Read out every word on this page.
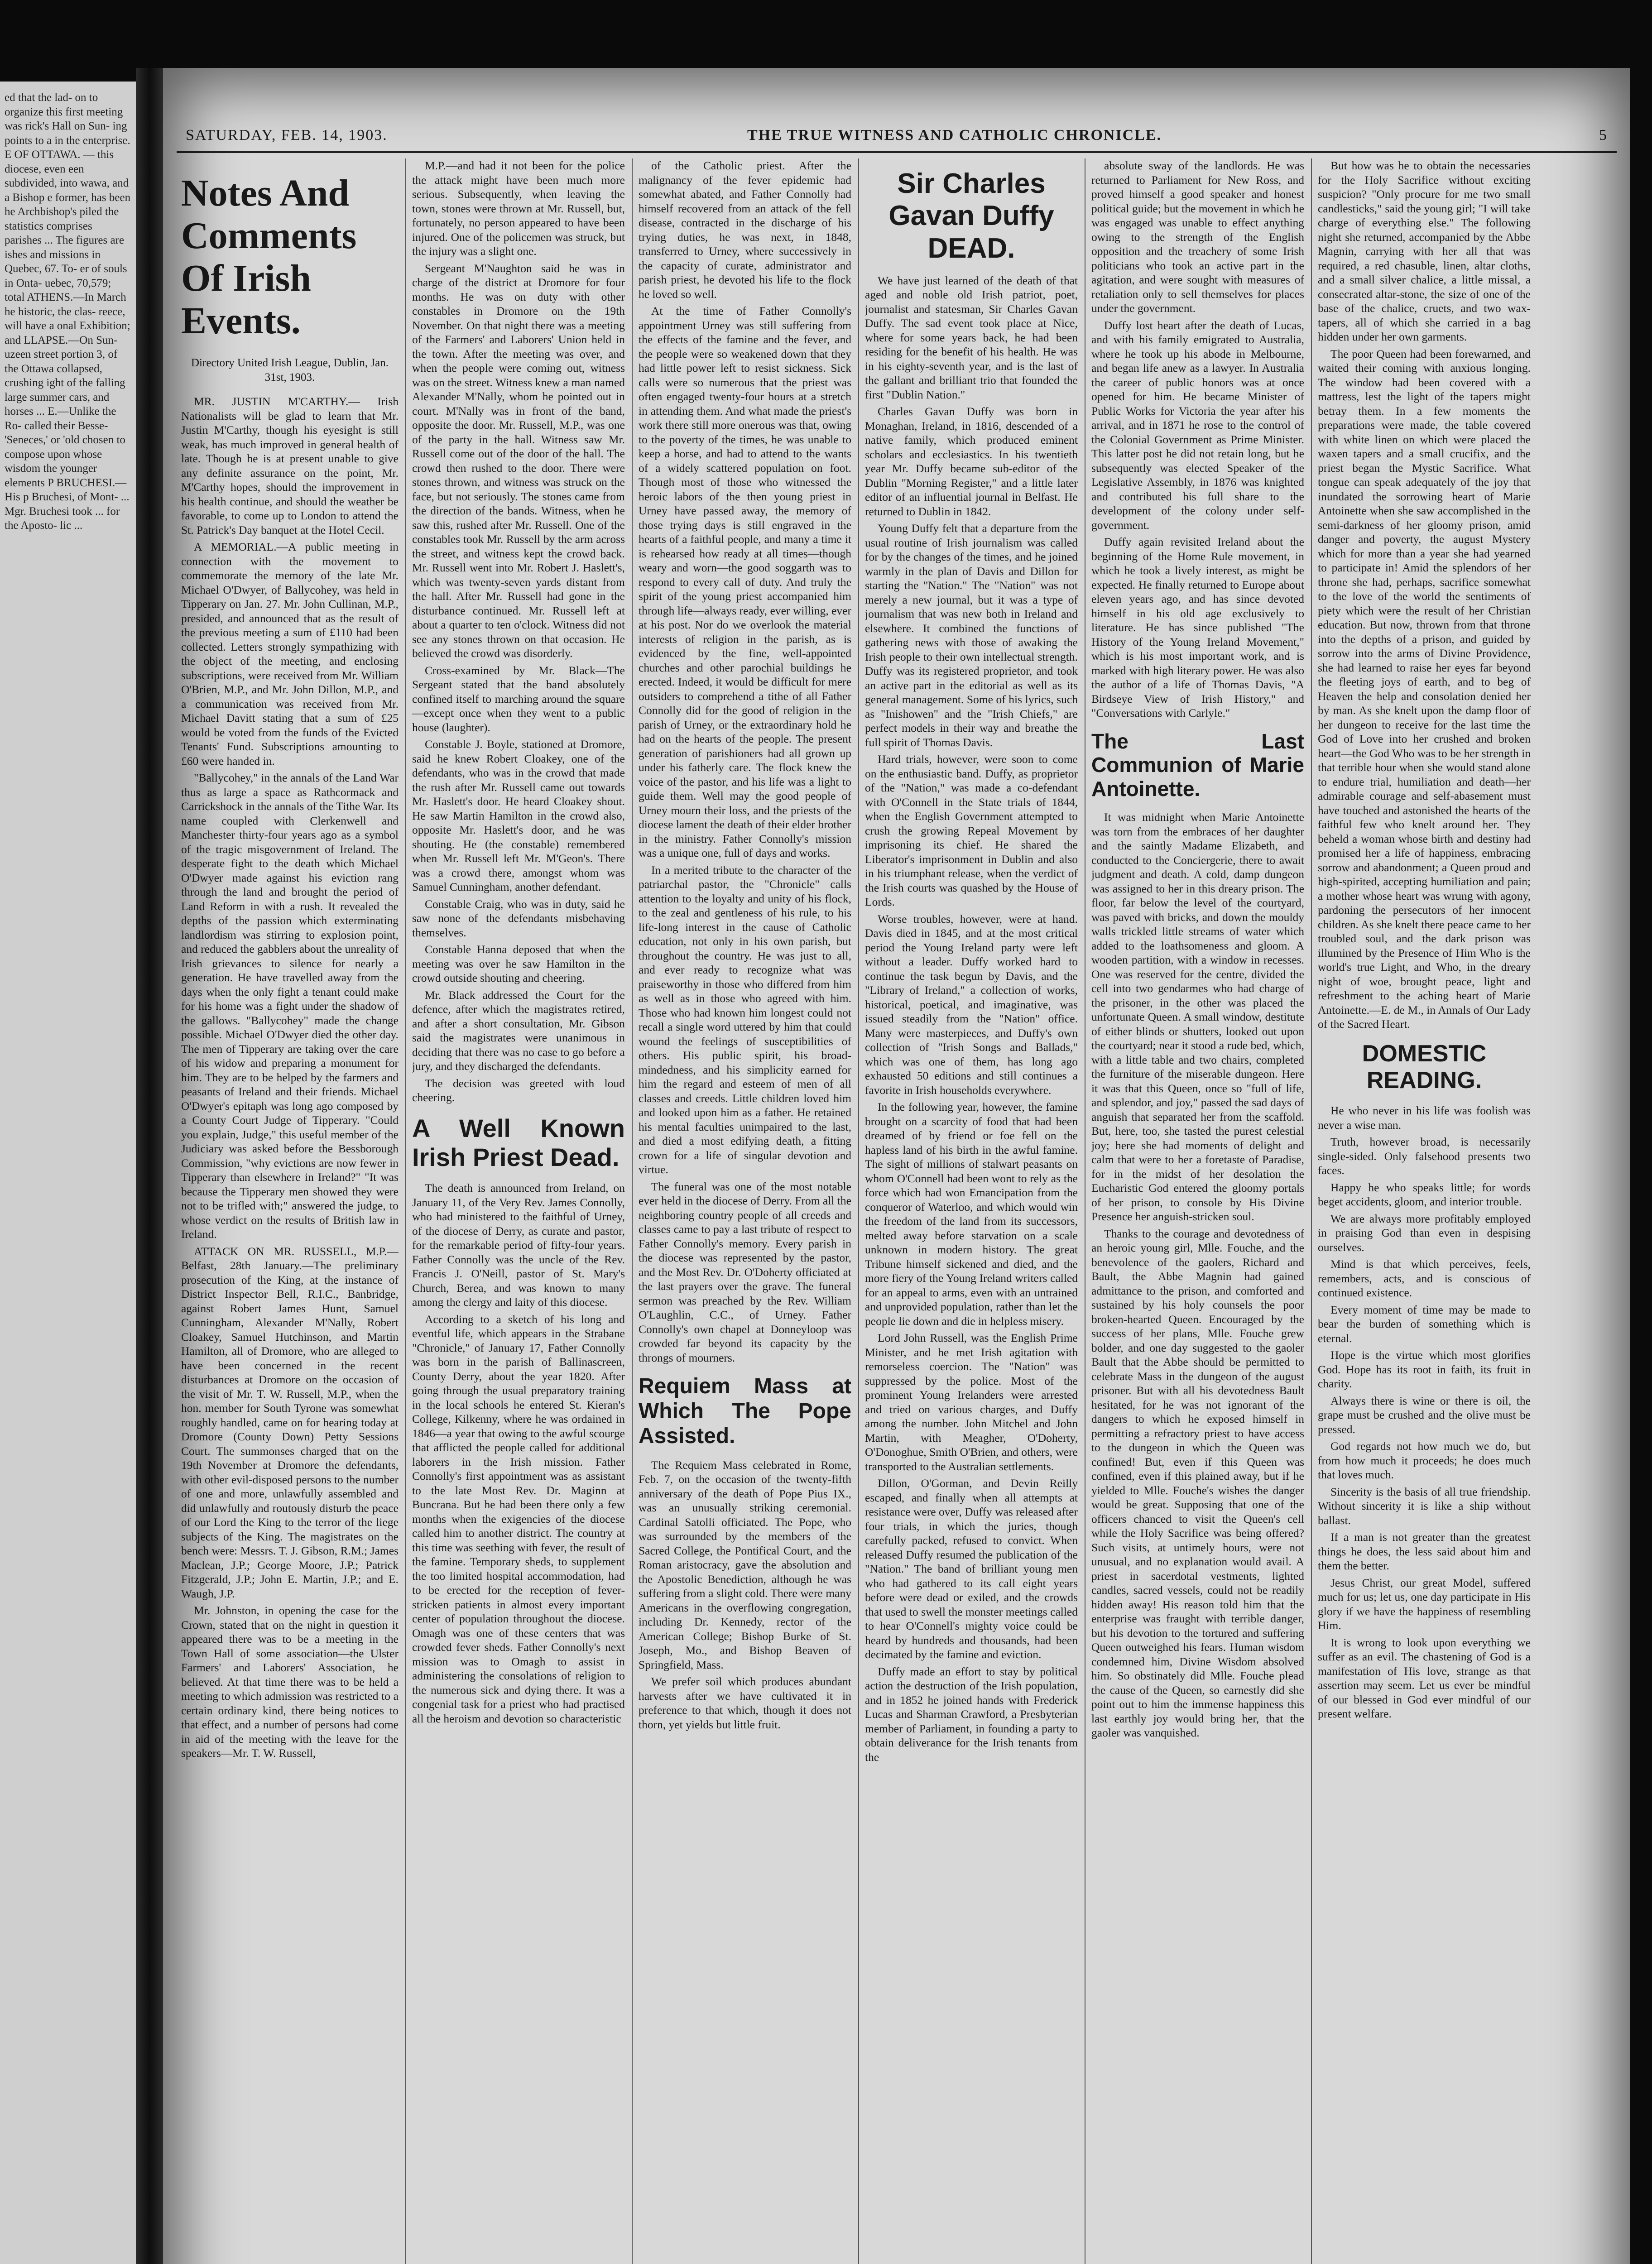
ed that the lad- on to organize this first meeting was rick's Hall on Sun- ing points to a in the enterprise. E OF OTTAWA. — this diocese, even een subdivided, into wawa, and a Bishop e former, has been he Archbishop's piled the statistics comprises parishes ... The figures are ishes and missions in Quebec, 67. To- er of souls in Onta- uebec, 70,579; total ATHENS.—In March he historic, the clas- reece, will have a onal Exhibition; and LLAPSE.—On Sun- uzeen street portion 3, of the Ottawa collapsed, crushing ight of the falling large summer cars, and horses ... E.—Unlike the Ro- called their Besse- 'Seneces,' or 'old chosen to compose upon whose wisdom the younger elements P BRUCHESI.— His p Bruchesi, of Mont- ... Mgr. Bruchesi took ... for the Aposto- lic ...
SATURDAY, FEB. 14, 1903.	THE TRUE WITNESS AND CATHOLIC CHRONICLE.	5
Notes And Comments Of Irish Events.
Directory United Irish League, Dublin, Jan. 31st, 1903.

MR. JUSTIN M'CARTHY.— Irish Nationalists will be glad to learn that Mr. Justin M'Carthy, though his eyesight is still weak, has much improved in general health of late. Though he is at present unable to give any definite assurance on the point, Mr. M'Carthy hopes, should the improvement in his health continue, and should the weather be favorable, to come up to London to attend the St. Patrick's Day banquet at the Hotel Cecil.

A MEMORIAL.—A public meeting in connection with the movement to commemorate the memory of the late Mr. Michael O'Dwyer, of Ballycohey, was held in Tipperary on Jan. 27. Mr. John Cullinan, M.P., presided, and announced that as the result of the previous meeting a sum of £110 had been collected. Letters strongly sympathizing with the object of the meeting, and enclosing subscriptions, were received from Mr. William O'Brien, M.P., and Mr. John Dillon, M.P., and a communication was received from Mr. Michael Davitt stating that a sum of £25 would be voted from the funds of the Evicted Tenants' Fund. Subscriptions amounting to £60 were handed in.

"Ballycohey," in the annals of the Land War thus as large a space as Rathcormack and Carrickshock in the annals of the Tithe War. Its name coupled with Clerkenwell and Manchester thirty-four years ago as a symbol of the tragic misgovernment of Ireland. The desperate fight to the death which Michael O'Dwyer made against his eviction rang through the land and brought the period of Land Reform in with a rush. It revealed the depths of the passion which exterminating landlordism was stirring to explosion point, and reduced the gabblers about the unreality of Irish grievances to silence for nearly a generation. He have travelled away from the days when the only fight a tenant could make for his home was a fight under the shadow of the gallows. "Ballycohey" made the change possible. Michael O'Dwyer died the other day. The men of Tipperary are taking over the care of his widow and preparing a monument for him. They are to be helped by the farmers and peasants of Ireland and their friends. Michael O'Dwyer's epitaph was long ago composed by a County Court Judge of Tipperary. "Could you explain, Judge," this useful member of the Judiciary was asked before the Bessborough Commission, "why evictions are now fewer in Tipperary than elsewhere in Ireland?" "It was because the Tipperary men showed they were not to be trifled with;" answered the judge, to whose verdict on the results of British law in Ireland.

ATTACK ON MR. RUSSELL, M.P.—Belfast, 28th January.—The preliminary prosecution of the King, at the instance of District Inspector Bell, R.I.C., Banbridge, against Robert James Hunt, Samuel Cunningham, Alexander M'Nally, Robert Cloakey, Samuel Hutchinson, and Martin Hamilton, all of Dromore, who are alleged to have been concerned in the recent disturbances at Dromore on the occasion of the visit of Mr. T. W. Russell, M.P., when the hon. member for South Tyrone was somewhat roughly handled, came on for hearing today at Dromore (County Down) Petty Sessions Court. The summonses charged that on the 19th November at Dromore the defendants, with other evil-disposed persons to the number of one and more, unlawfully assembled and did unlawfully and routously disturb the peace of our Lord the King to the terror of the liege subjects of the King. The magistrates on the bench were: Messrs. T. J. Gibson, R.M.; James Maclean, J.P.; George Moore, J.P.; Patrick Fitzgerald, J.P.; John E. Martin, J.P.; and E. Waugh, J.P.

Mr. Johnston, in opening the case for the Crown, stated that on the night in question it appeared there was to be a meeting in the Town Hall of some association—the Ulster Farmers' and Laborers' Association, he believed. At that time there was to be held a meeting to which admission was restricted to a certain ordinary kind, there being notices to that effect, and a number of persons had come in aid of the meeting with the leave for the speakers—Mr. T. W. Russell,

M.P.—and had it not been for the police the attack might have been much more serious. Subsequently, when leaving the town, stones were thrown at Mr. Russell, but, fortunately, no person appeared to have been injured. One of the policemen was struck, but the injury was a slight one.

Sergeant M'Naughton said he was in charge of the district at Dromore for four months. He was on duty with other constables in Dromore on the 19th November. On that night there was a meeting of the Farmers' and Laborers' Union held in the town. After the meeting was over, and when the people were coming out, witness was on the street. Witness knew a man named Alexander M'Nally, whom he pointed out in court. M'Nally was in front of the band, opposite the door. Mr. Russell, M.P., was one of the party in the hall. Witness saw Mr. Russell come out of the door of the hall. The crowd then rushed to the door. There were stones thrown, and witness was struck on the face, but not seriously. The stones came from the direction of the bands. Witness, when he saw this, rushed after Mr. Russell. One of the constables took Mr. Russell by the arm across the street, and witness kept the crowd back. Mr. Russell went into Mr. Robert J. Haslett's, which was twenty-seven yards distant from the hall. After Mr. Russell had gone in the disturbance continued. Mr. Russell left at about a quarter to ten o'clock. Witness did not see any stones thrown on that occasion. He believed the crowd was disorderly.

Cross-examined by Mr. Black—The Sergeant stated that the band absolutely confined itself to marching around the square—except once when they went to a public house (laughter).

Constable J. Boyle, stationed at Dromore, said he knew Robert Cloakey, one of the defendants, who was in the crowd that made the rush after Mr. Russell came out towards Mr. Haslett's door. He heard Cloakey shout. He saw Martin Hamilton in the crowd also, opposite Mr. Haslett's door, and he was shouting. He (the constable) remembered when Mr. Russell left Mr. M'Geon's. There was a crowd there, amongst whom was Samuel Cunningham, another defendant.

Constable Craig, who was in duty, said he saw none of the defendants misbehaving themselves.

Constable Hanna deposed that when the meeting was over he saw Hamilton in the crowd outside shouting and cheering.

Mr. Black addressed the Court for the defence, after which the magistrates retired, and after a short consultation, Mr. Gibson said the magistrates were unanimous in deciding that there was no case to go before a jury, and they discharged the defendants.

The decision was greeted with loud cheering.

A Well Known Irish Priest Dead.

The death is announced from Ireland, on January 11, of the Very Rev. James Connolly, who had ministered to the faithful of Urney, of the diocese of Derry, as curate and pastor, for the remarkable period of fifty-four years. Father Connolly was the uncle of the Rev. Francis J. O'Neill, pastor of St. Mary's Church, Berea, and was known to many among the clergy and laity of this diocese.

According to a sketch of his long and eventful life, which appears in the Strabane "Chronicle," of January 17, Father Connolly was born in the parish of Ballinascreen, County Derry, about the year 1820. After going through the usual preparatory training in the local schools he entered St. Kieran's College, Kilkenny, where he was ordained in 1846—a year that owing to the awful scourge that afflicted the people called for additional laborers in the Irish mission. Father Connolly's first appointment was as assistant to the late Most Rev. Dr. Maginn at Buncrana. But he had been there only a few months when the exigencies of the diocese called him to another district. The country at this time was seething with fever, the result of the famine. Temporary sheds, to supplement the too limited hospital accommodation, had to be erected for the reception of fever-stricken patients in almost every important center of population throughout the diocese. Omagh was one of these centers that was crowded fever sheds. Father Connolly's next mission was to Omagh to assist in administering the consolations of religion to the numerous sick and dying there. It was a congenial task for a priest who had practised all the heroism and devotion so characteristic

of the Catholic priest. After the malignancy of the fever epidemic had somewhat abated, and Father Connolly had himself recovered from an attack of the fell disease, contracted in the discharge of his trying duties, he was next, in 1848, transferred to Urney, where successively in the capacity of curate, administrator and parish priest, he devoted his life to the flock he loved so well.

At the time of Father Connolly's appointment Urney was still suffering from the effects of the famine and the fever, and the people were so weakened down that they had little power left to resist sickness. Sick calls were so numerous that the priest was often engaged twenty-four hours at a stretch in attending them. And what made the priest's work there still more onerous was that, owing to the poverty of the times, he was unable to keep a horse, and had to attend to the wants of a widely scattered population on foot. Though most of those who witnessed the heroic labors of the then young priest in Urney have passed away, the memory of those trying days is still engraved in the hearts of a faithful people, and many a time it is rehearsed how ready at all times—though weary and worn—the good soggarth was to respond to every call of duty. And truly the spirit of the young priest accompanied him through life—always ready, ever willing, ever at his post. Nor do we overlook the material interests of religion in the parish, as is evidenced by the fine, well-appointed churches and other parochial buildings he erected. Indeed, it would be difficult for mere outsiders to comprehend a tithe of all Father Connolly did for the good of religion in the parish of Urney, or the extraordinary hold he had on the hearts of the people. The present generation of parishioners had all grown up under his fatherly care. The flock knew the voice of the pastor, and his life was a light to guide them. Well may the good people of Urney mourn their loss, and the priests of the diocese lament the death of their elder brother in the ministry. Father Connolly's mission was a unique one, full of days and works.

In a merited tribute to the character of the patriarchal pastor, the "Chronicle" calls attention to the loyalty and unity of his flock, to the zeal and gentleness of his rule, to his life-long interest in the cause of Catholic education, not only in his own parish, but throughout the country. He was just to all, and ever ready to recognize what was praiseworthy in those who differed from him as well as in those who agreed with him. Those who had known him longest could not recall a single word uttered by him that could wound the feelings of susceptibilities of others. His public spirit, his broad-mindedness, and his simplicity earned for him the regard and esteem of men of all classes and creeds. Little children loved him and looked upon him as a father. He retained his mental faculties unimpaired to the last, and died a most edifying death, a fitting crown for a life of singular devotion and virtue.

The funeral was one of the most notable ever held in the diocese of Derry. From all the neighboring country people of all creeds and classes came to pay a last tribute of respect to Father Connolly's memory. Every parish in the diocese was represented by the pastor, and the Most Rev. Dr. O'Doherty officiated at the last prayers over the grave. The funeral sermon was preached by the Rev. William O'Laughlin, C.C., of Urney. Father Connolly's own chapel at Donneyloop was crowded far beyond its capacity by the throngs of mourners.

Requiem Mass at Which The Pope Assisted.

The Requiem Mass celebrated in Rome, Feb. 7, on the occasion of the twenty-fifth anniversary of the death of Pope Pius IX., was an unusually striking ceremonial. Cardinal Satolli officiated. The Pope, who was surrounded by the members of the Sacred College, the Pontifical Court, and the Roman aristocracy, gave the absolution and the Apostolic Benediction, although he was suffering from a slight cold. There were many Americans in the overflowing congregation, including Dr. Kennedy, rector of the American College; Bishop Burke of St. Joseph, Mo., and Bishop Beaven of Springfield, Mass.

We prefer soil which produces abundant harvests after we have cultivated it in preference to that which, though it does not thorn, yet yields but little fruit.

Sir Charles Gavan Duffy DEAD.

We have just learned of the death of that aged and noble old Irish patriot, poet, journalist and statesman, Sir Charles Gavan Duffy. The sad event took place at Nice, where for some years back, he had been residing for the benefit of his health. He was in his eighty-seventh year, and is the last of the gallant and brilliant trio that founded the first "Dublin Nation."

Charles Gavan Duffy was born in Monaghan, Ireland, in 1816, descended of a native family, which produced eminent scholars and ecclesiastics. In his twentieth year Mr. Duffy became sub-editor of the Dublin "Morning Register," and a little later editor of an influential journal in Belfast. He returned to Dublin in 1842.

Young Duffy felt that a departure from the usual routine of Irish journalism was called for by the changes of the times, and he joined warmly in the plan of Davis and Dillon for starting the "Nation." The "Nation" was not merely a new journal, but it was a type of journalism that was new both in Ireland and elsewhere. It combined the functions of gathering news with those of awaking the Irish people to their own intellectual strength. Duffy was its registered proprietor, and took an active part in the editorial as well as its general management. Some of his lyrics, such as "Inishowen" and the "Irish Chiefs," are perfect models in their way and breathe the full spirit of Thomas Davis.

Hard trials, however, were soon to come on the enthusiastic band. Duffy, as proprietor of the "Nation," was made a co-defendant with O'Connell in the State trials of 1844, when the English Government attempted to crush the growing Repeal Movement by imprisoning its chief. He shared the Liberator's imprisonment in Dublin and also in his triumphant release, when the verdict of the Irish courts was quashed by the House of Lords.

Worse troubles, however, were at hand. Davis died in 1845, and at the most critical period the Young Ireland party were left without a leader. Duffy worked hard to continue the task begun by Davis, and the "Library of Ireland," a collection of works, historical, poetical, and imaginative, was issued steadily from the "Nation" office. Many were masterpieces, and Duffy's own collection of "Irish Songs and Ballads," which was one of them, has long ago exhausted 50 editions and still continues a favorite in Irish households everywhere.

In the following year, however, the famine brought on a scarcity of food that had been dreamed of by friend or foe fell on the hapless land of his birth in the awful famine. The sight of millions of stalwart peasants on whom O'Connell had been wont to rely as the force which had won Emancipation from the conqueror of Waterloo, and which would win the freedom of the land from its successors, melted away before starvation on a scale unknown in modern history. The great Tribune himself sickened and died, and the more fiery of the Young Ireland writers called for an appeal to arms, even with an untrained and unprovided population, rather than let the people lie down and die in helpless misery.

Lord John Russell, was the English Prime Minister, and he met Irish agitation with remorseless coercion. The "Nation" was suppressed by the police. Most of the prominent Young Irelanders were arrested and tried on various charges, and Duffy among the number. John Mitchel and John Martin, with Meagher, O'Doherty, O'Donoghue, Smith O'Brien, and others, were transported to the Australian settlements.

Dillon, O'Gorman, and Devin Reilly escaped, and finally when all attempts at resistance were over, Duffy was released after four trials, in which the juries, though carefully packed, refused to convict. When released Duffy resumed the publication of the "Nation." The band of brilliant young men who had gathered to its call eight years before were dead or exiled, and the crowds that used to swell the monster meetings called to hear O'Connell's mighty voice could be heard by hundreds and thousands, had been decimated by the famine and eviction.

Duffy made an effort to stay by political action the destruction of the Irish population, and in 1852 he joined hands with Frederick Lucas and Sharman Crawford, a Presbyterian member of Parliament, in founding a party to obtain deliverance for the Irish tenants from the

absolute sway of the landlords. He was returned to Parliament for New Ross, and proved himself a good speaker and honest political guide; but the movement in which he was engaged was unable to effect anything owing to the strength of the English opposition and the treachery of some Irish politicians who took an active part in the agitation, and were sought with measures of retaliation only to sell themselves for places under the government.

Duffy lost heart after the death of Lucas, and with his family emigrated to Australia, where he took up his abode in Melbourne, and began life anew as a lawyer. In Australia the career of public honors was at once opened for him. He became Minister of Public Works for Victoria the year after his arrival, and in 1871 he rose to the control of the Colonial Government as Prime Minister. This latter post he did not retain long, but he subsequently was elected Speaker of the Legislative Assembly, in 1876 was knighted and contributed his full share to the development of the colony under self-government.

Duffy again revisited Ireland about the beginning of the Home Rule movement, in which he took a lively interest, as might be expected. He finally returned to Europe about eleven years ago, and has since devoted himself in his old age exclusively to literature. He has since published "The History of the Young Ireland Movement," which is his most important work, and is marked with high literary power. He was also the author of a life of Thomas Davis, "A Birdseye View of Irish History," and "Conversations with Carlyle."

The Last Communion of Marie Antoinette.

It was midnight when Marie Antoinette was torn from the embraces of her daughter and the saintly Madame Elizabeth, and conducted to the Conciergerie, there to await judgment and death. A cold, damp dungeon was assigned to her in this dreary prison. The floor, far below the level of the courtyard, was paved with bricks, and down the mouldy walls trickled little streams of water which added to the loathsomeness and gloom. A wooden partition, with a window in recesses. One was reserved for the centre, divided the cell into two gendarmes who had charge of the prisoner, in the other was placed the unfortunate Queen. A small window, destitute of either blinds or shutters, looked out upon the courtyard; near it stood a rude bed, which, with a little table and two chairs, completed the furniture of the miserable dungeon. Here it was that this Queen, once so "full of life, and splendor, and joy," passed the sad days of anguish that separated her from the scaffold. But, here, too, she tasted the purest celestial joy; here she had moments of delight and calm that were to her a foretaste of Paradise, for in the midst of her desolation the Eucharistic God entered the gloomy portals of her prison, to console by His Divine Presence her anguish-stricken soul.

Thanks to the courage and devotedness of an heroic young girl, Mlle. Fouche, and the benevolence of the gaolers, Richard and Bault, the Abbe Magnin had gained admittance to the prison, and comforted and sustained by his holy counsels the poor broken-hearted Queen. Encouraged by the success of her plans, Mlle. Fouche grew bolder, and one day suggested to the gaoler Bault that the Abbe should be permitted to celebrate Mass in the dungeon of the august prisoner. But with all his devotedness Bault hesitated, for he was not ignorant of the dangers to which he exposed himself in permitting a refractory priest to have access to the dungeon in which the Queen was confined! But, even if this Queen was confined, even if this plained away, but if he yielded to Mlle. Fouche's wishes the danger would be great. Supposing that one of the officers chanced to visit the Queen's cell while the Holy Sacrifice was being offered? Such visits, at untimely hours, were not unusual, and no explanation would avail. A priest in sacerdotal vestments, lighted candles, sacred vessels, could not be readily hidden away! His reason told him that the enterprise was fraught with terrible danger, but his devotion to the tortured and suffering Queen outweighed his fears. Human wisdom condemned him, Divine Wisdom absolved him. So obstinately did Mlle. Fouche plead the cause of the Queen, so earnestly did she point out to him the immense happiness this last earthly joy would bring her, that the gaoler was vanquished.

But how was he to obtain the necessaries for the Holy Sacrifice without exciting suspicion? "Only procure for me two small candlesticks," said the young girl; "I will take charge of everything else." The following night she returned, accompanied by the Abbe Magnin, carrying with her all that was required, a red chasuble, linen, altar cloths, and a small silver chalice, a little missal, a consecrated altar-stone, the size of one of the base of the chalice, cruets, and two wax-tapers, all of which she carried in a bag hidden under her own garments.

The poor Queen had been forewarned, and waited their coming with anxious longing. The window had been covered with a mattress, lest the light of the tapers might betray them. In a few moments the preparations were made, the table covered with white linen on which were placed the waxen tapers and a small crucifix, and the priest began the Mystic Sacrifice. What tongue can speak adequately of the joy that inundated the sorrowing heart of Marie Antoinette when she saw accomplished in the semi-darkness of her gloomy prison, amid danger and poverty, the august Mystery which for more than a year she had yearned to participate in! Amid the splendors of her throne she had, perhaps, sacrifice somewhat to the love of the world the sentiments of piety which were the result of her Christian education. But now, thrown from that throne into the depths of a prison, and guided by sorrow into the arms of Divine Providence, she had learned to raise her eyes far beyond the fleeting joys of earth, and to beg of Heaven the help and consolation denied her by man. As she knelt upon the damp floor of her dungeon to receive for the last time the God of Love into her crushed and broken heart—the God Who was to be her strength in that terrible hour when she would stand alone to endure trial, humiliation and death—her admirable courage and self-abasement must have touched and astonished the hearts of the faithful few who knelt around her. They beheld a woman whose birth and destiny had promised her a life of happiness, embracing sorrow and abandonment; a Queen proud and high-spirited, accepting humiliation and pain; a mother whose heart was wrung with agony, pardoning the persecutors of her innocent children. As she knelt there peace came to her troubled soul, and the dark prison was illumined by the Presence of Him Who is the world's true Light, and Who, in the dreary night of woe, brought peace, light and refreshment to the aching heart of Marie Antoinette.—E. de M., in Annals of Our Lady of the Sacred Heart.

DOMESTIC READING.

He who never in his life was foolish was never a wise man.

Truth, however broad, is necessarily single-sided. Only falsehood presents two faces.

Happy he who speaks little; for words beget accidents, gloom, and interior trouble.

We are always more profitably employed in praising God than even in despising ourselves.

Mind is that which perceives, feels, remembers, acts, and is conscious of continued existence.

Every moment of time may be made to bear the burden of something which is eternal.

Hope is the virtue which most glorifies God. Hope has its root in faith, its fruit in charity.

Always there is wine or there is oil, the grape must be crushed and the olive must be pressed.

God regards not how much we do, but from how much it proceeds; he does much that loves much.

Sincerity is the basis of all true friendship. Without sincerity it is like a ship without ballast.

If a man is not greater than the greatest things he does, the less said about him and them the better.

Jesus Christ, our great Model, suffered much for us; let us, one day participate in His glory if we have the happiness of resembling Him.

It is wrong to look upon everything we suffer as an evil. The chastening of God is a manifestation of His love, strange as that assertion may seem. Let us ever be mindful of our blessed in God ever mindful of our present welfare.
